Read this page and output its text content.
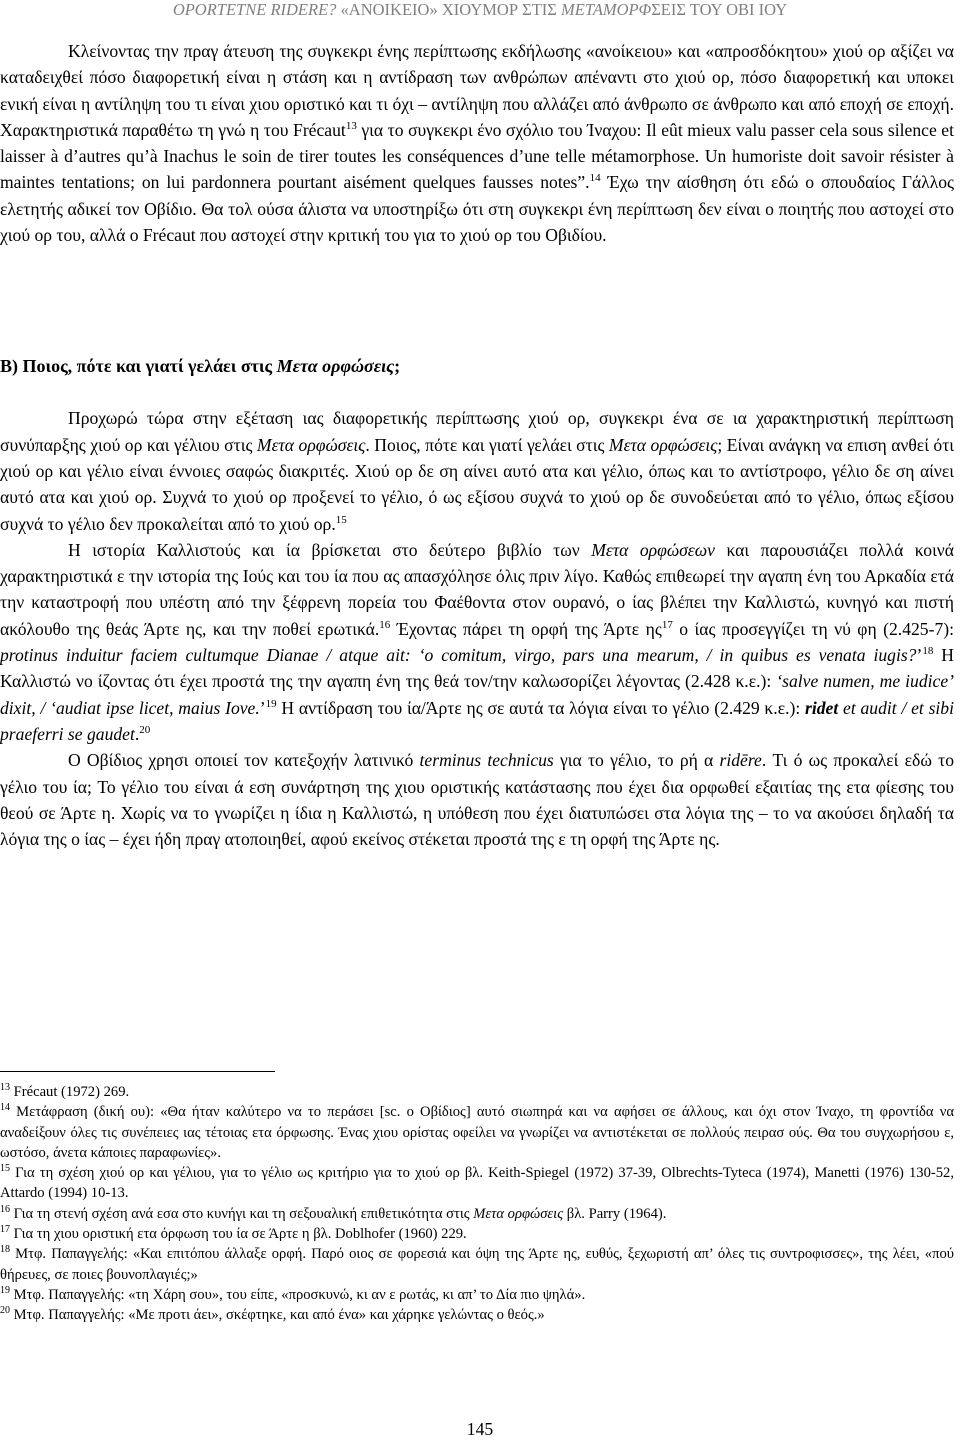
OPORTETNE RIDERE? «ΑΝΟΙΚΕΙΟ» ΧΙΟΥΜΟΡ ΣΤΙΣ ΜΕΤΑΜΟΡΦΣΕΙΣ ΤΟΥ ΟΒΙ ΙΟΥ

Κλείνοντας την πραγ άτευση της συγκεκρι ένης περίπτωσης εκδήλωσης «ανοίκειου» και «απροσδόκητου» χιού ορ αξίζει να καταδειχθεί πόσο διαφορετική είναι η στάση και η αντίδραση των ανθρώπων απέναντι στο χιού ορ, πόσο διαφορετική και υποκει ενική είναι η αντίληψη του τι είναι χιου οριστικό και τι όχι – αντίληψη που αλλάζει από άνθρωπο σε άνθρωπο και από εποχή σε εποχή. Χαρακτηριστικά παραθέτω τη γνώ η του Frécaut$^{13}$ για το συγκεκρι ένο σχόλιο του Ίναχου: Il eût mieux valu passer cela sous silence et laisser à d’autres qu’à Inachus le soin de tirer toutes les conséquences d’une telle métamorphose. Un humoriste doit savoir résister à maintes tentations; on lui pardonnera pourtant aisément quelques fausses notes”.$^{14}$ Έχω την αίσθηση ότι εδώ ο σπουδαίος Γάλλος ελετητής αδικεί τον Οβίδιο. Θα τολ ούσα άλιστα να υποστηρίξω ότι στη συγκεκρι ένη περίπτωση δεν είναι ο ποιητής που αστοχεί στο χιού ορ του, αλλά ο Frécaut που αστοχεί στην κριτική του για το χιού ορ του Οβιδίου.

Β) Ποιος, πότε και γιατί γελάει στις Μετα ορφώσεις;

Προχωρώ τώρα στην εξέταση ιας διαφορετικής περίπτωσης χιού ορ, συγκεκρι ένα σε ια χαρακτηριστική περίπτωση συνύπαρξης χιού ορ και γέλιου στις Μετα ορφώσεις. Ποιος, πότε και γιατί γελάει στις Μετα ορφώσεις; Είναι ανάγκη να επιση ανθεί ότι χιού ορ και γέλιο είναι έννοιες σαφώς διακριτές. Χιού ορ δε ση αίνει αυτό ατα και γέλιο, όπως και το αντίστροφο, γέλιο δε ση αίνει αυτό ατα και χιού ορ. Συχνά το χιού ορ προξενεί το γέλιο, ό ως εξίσου συχνά το χιού ορ δε συνοδεύεται από το γέλιο, όπως εξίσου συχνά το γέλιο δεν προκαλείται από το χιού ορ.$^{15}$

Η ιστορία Καλλιστούς και ία βρίσκεται στο δεύτερο βιβλίο των Μετα ορφώσεων και παρουσιάζει πολλά κοινά χαρακτηριστικά ε την ιστορία της Ιούς και του ία που ας απασχόλησε όλις πριν λίγο. Καθώς επιθεωρεί την αγαπη ένη του Αρκαδία ετά την καταστροφή που υπέστη από την ξέφρενη πορεία του Φαέθοντα στον ουρανό, ο ίας βλέπει την Καλλιστώ, κυνηγό και πιστή ακόλουθο της θεάς Άρτε ης, και την ποθεί ερωτικά.$^{16}$ Έχοντας πάρει τη ορφή της Άρτε $\eta\varsigma^{17}$ ο ίας προσεγγίζει τη νύ φη (2.425-7): protinus induitur faciem cultumque Dianae / atque ait: ‘o comitum, virgo, pars una mearum, / in quibus es venata iugis?’$^{18}$ Η Καλλιστώ νο ίζοντας ότι έχει προστά της την αγαπη ένη της θεά τον/την καλωσορίζει λέγοντας (2.428 κ.ε.): ‘salve numen, me iudice’ dixit, / ‘audiat ipse licet, maius Iove.’$^{19}$ Η αντίδραση του ία/Άρτε ης σε αυτά τα λόγια είναι το γέλιο (2.429 κ.ε.): ridet et audit / et sibi praeferri se gaudet.$^{20}$

Ο Οβίδιος χρησι οποιεί τον κατεξοχήν λατινικό terminus technicus για το γέλιο, το ρή α ridēre. Τι ό ως προκαλεί εδώ το γέλιο του ία; Το γέλιο του είναι ά εση συνάρτηση της χιου οριστικής κατάστασης που έχει δια ορφωθεί εξαιτίας της ετα φίεσης του θεού σε Άρτε η. Χωρίς να το γνωρίζει η ίδια η Καλλιστώ, η υπόθεση που έχει διατυπώσει στα λόγια της – το να ακούσει δηλαδή τα λόγια της ο ίας – έχει ήδη πραγ ατοποιηθεί, αφού εκείνος στέκεται προστά της ε τη ορφή της Άρτε ης.

$^{13}$ Frécaut (1972) 269.

$^{14}$ Μετάφραση (δική ου): «Θα ήταν καλύτερο να το περάσει [sc. ο Οβίδιος] αυτό σιωπηρά και να αφήσει σε άλλους, και όχι στον Ίναχο, τη φροντίδα να αναδείξουν όλες τις συνέπειες ιας τέτοιας ετα όρφωσης. Ένας χιου ορίστας οφείλει να γνωρίζει να αντιστέκεται σε πολλούς πειρασ ούς. Θα του συγχωρήσου ε, ωστόσο, άνετα κάποιες παραφωνίες».

$^{15}$ Για τη σχέση χιού ορ και γέλιου, για το γέλιο ως κριτήριο για το χιού ορ βλ. Keith-Spiegel (1972) 37-39, Olbrechts-Tyteca (1974), Manetti (1976) 130-52, Attardo (1994) 10-13.

$^{16}$ Για τη στενή σχέση ανά εσα στο κυνήγι και τη σεξουαλική επιθετικότητα στις Μετα ορφώσεις βλ. Parry (1964).

$^{17}$ Για τη χιου οριστική ετα όρφωση του ία σε Άρτε η βλ. Doblhofer (1960) 229.

$^{18}$ Μτφ. Παπαγγελής: «Και επιτόπου άλλαξε ορφή. Παρό οιος σε φορεσιά και όψη της Άρτε ης, ευθύς, ξεχωριστή απ’ όλες τις συντροφισσες», της λέει, «πού θήρευες, σε ποιες βουνοπλαγιές;»

$^{19}$ Μτφ. Παπαγγελής: «τη Χάρη σου», του είπε, «προσκυνώ, κι αν ε ρωτάς, κι απ’ το Δία πιο ψηλά».

$^{20}$ Μτφ. Παπαγγελής: «Με προτι άει», σκέφτηκε, και από ένα» και χάρηκε γελώντας ο θεός.»

145
